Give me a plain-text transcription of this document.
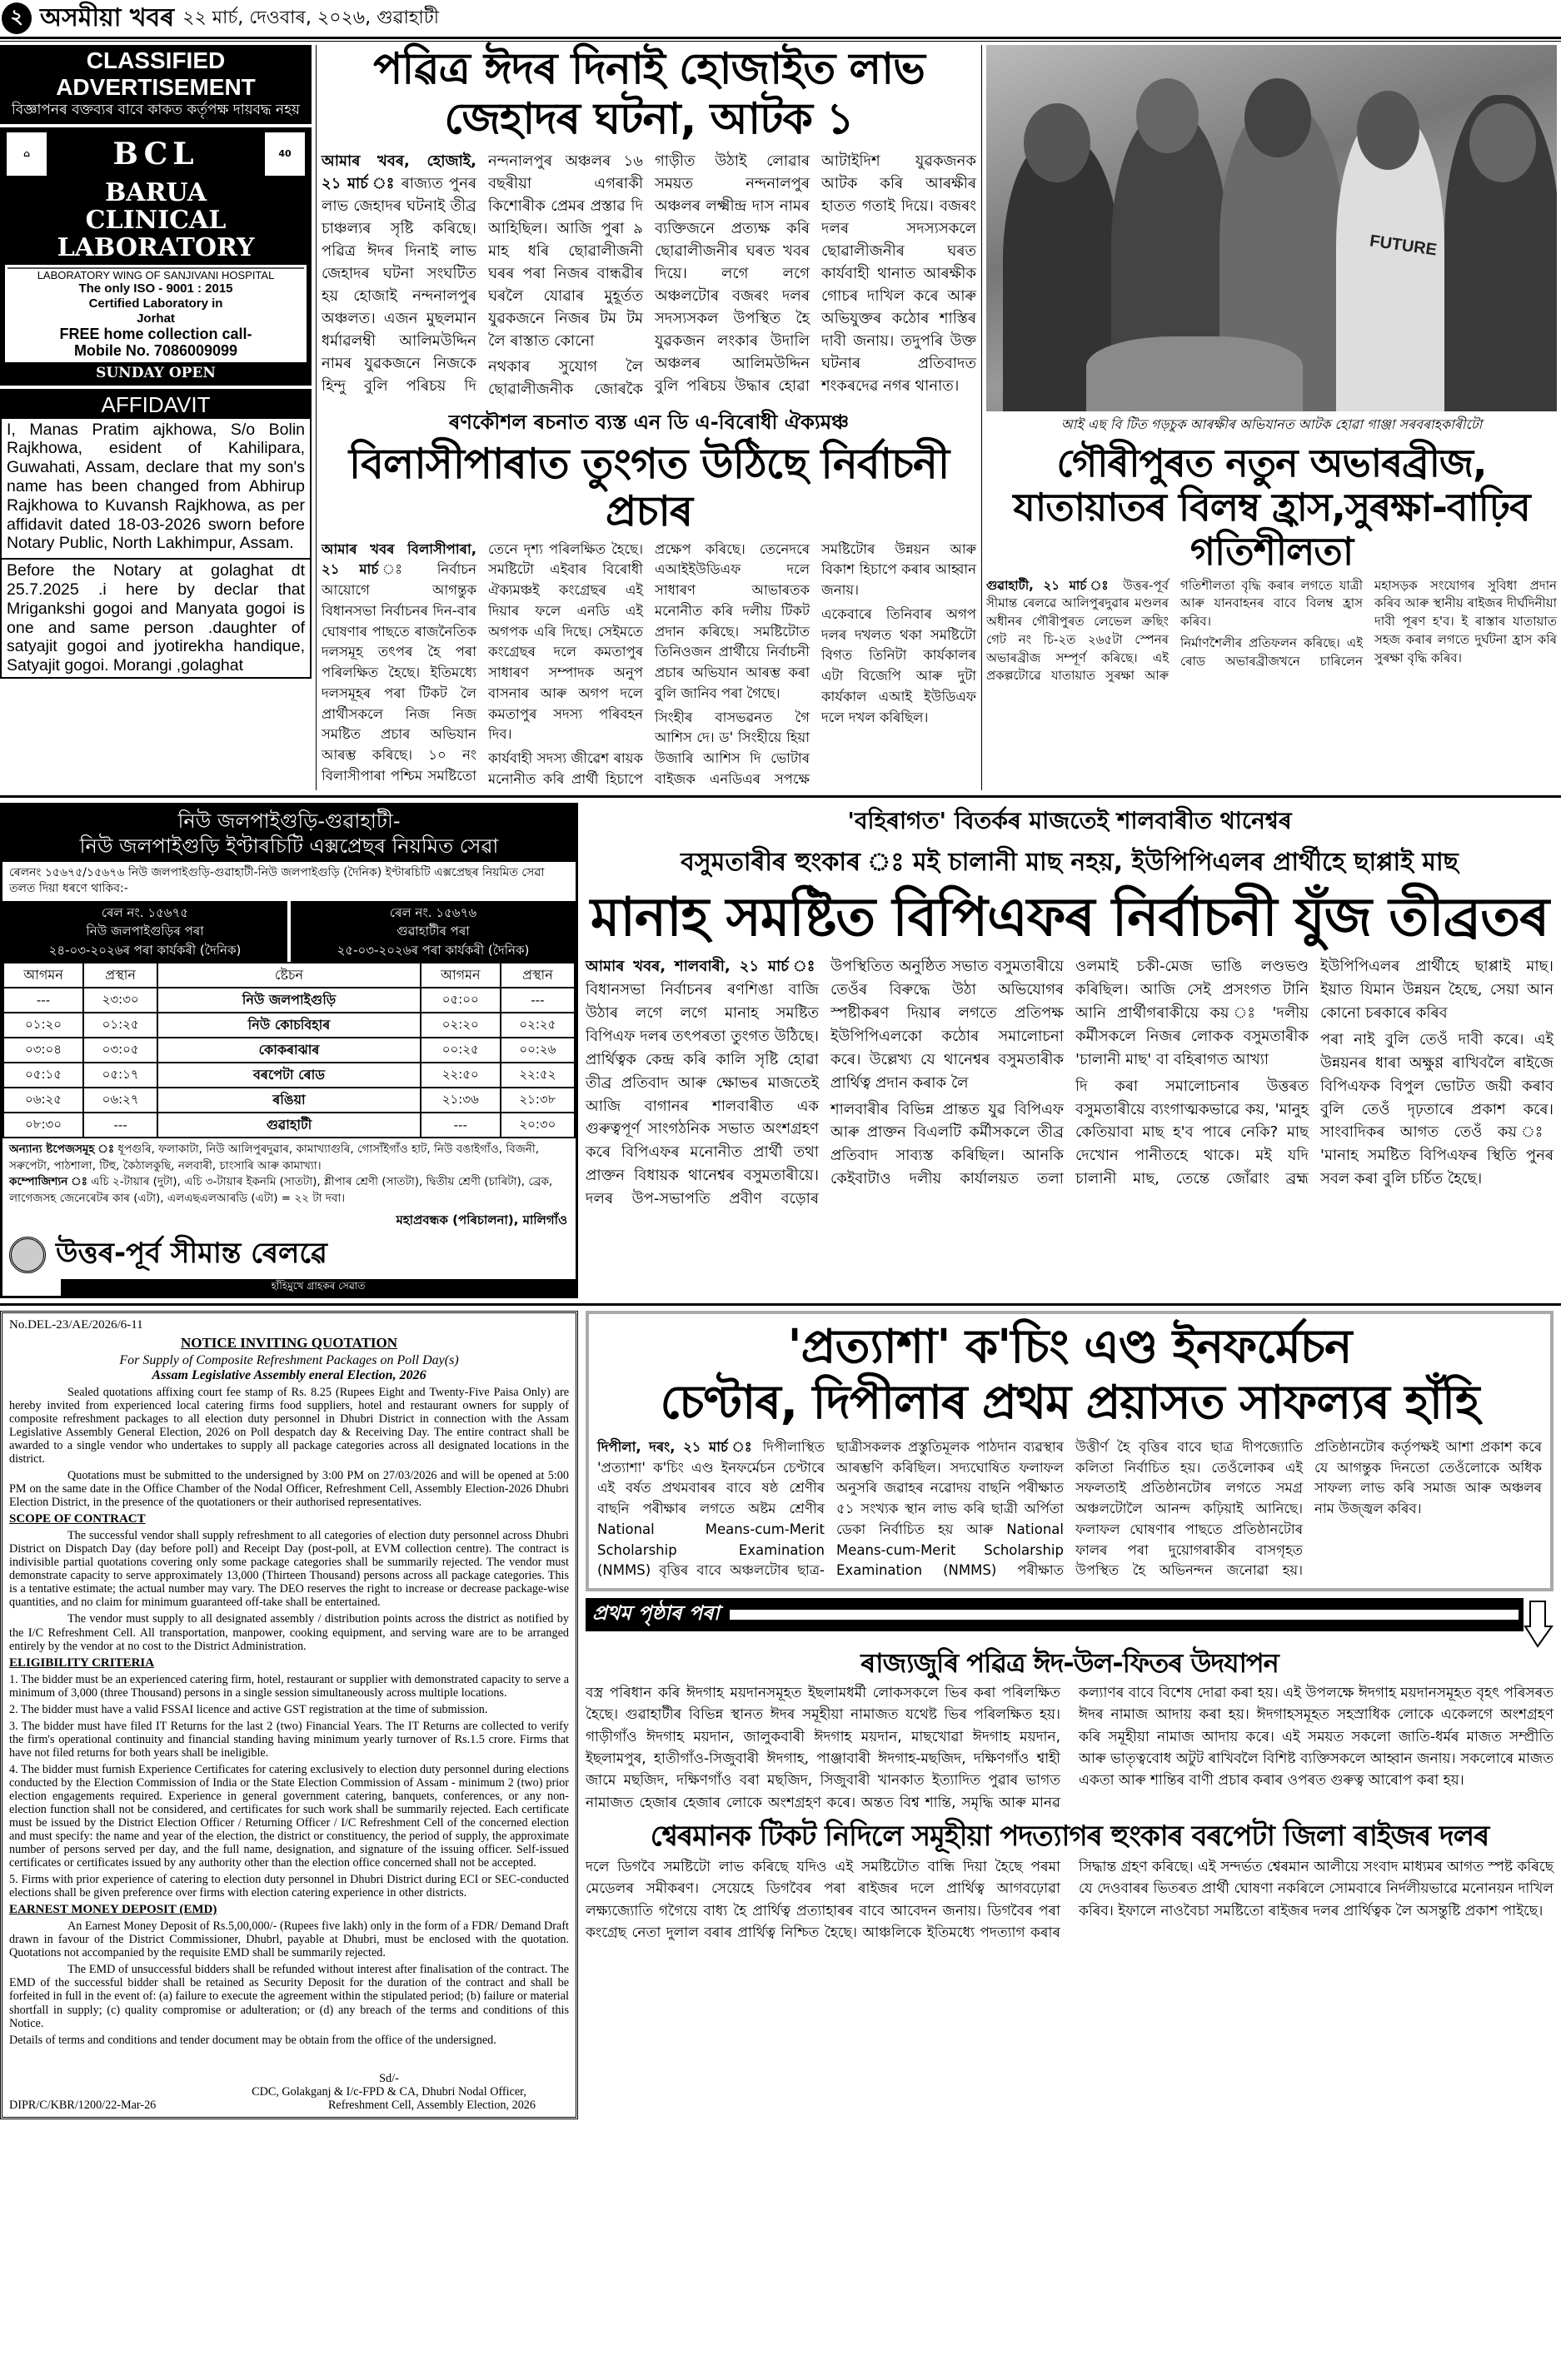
২ অসমীয়া খবৰ ২২ মাৰ্চ, দেওবাৰ, ২০২৬, গুৱাহাটী
CLASSIFIED ADVERTISEMENT
বিজ্ঞাপনৰ বক্তব্যৰ বাবে কাকত কৰ্তৃপক্ষ দায়বদ্ধ নহয়
⌂	BCL	40
BARUA
CLINICAL
LABORATORY
LABORATORY WING OF SANJIVANI HOSPITAL
The only ISO - 9001 : 2015
Certified Laboratory in
Jorhat
FREE home collection call-
Mobile No. 7086009099
SUNDAY OPEN
AFFIDAVIT
I, Manas Pratim ajkhowa, S/o Bolin Rajkhowa, esident of Kahilipara, Guwahati, Assam, declare that my son's name has been changed from Abhirup Rajkhowa to Kuvansh Rajkhowa, as per affidavit dated 18-03-2026 sworn before Notary Public, North Lakhimpur, Assam.
Before the Notary at golaghat dt 25.7.2025 .i here by declar that Mrigankshi gogoi and Manyata gogoi is one and same person .daughter of satyajit gogoi and jyotirekha handique, Satyajit gogoi. Morangi ,golaghat
পৱিত্ৰ ঈদৰ দিনাই হোজাইত লাভ জেহাদৰ ঘটনা, আটক ১

আমাৰ খবৰ, হোজাই, ২১ মাৰ্চ ঃ ৰাজ্যত পুনৰ লাভ জেহাদৰ ঘটনাই তীব্ৰ চাঞ্চল্যৰ সৃষ্টি কৰিছে। পৱিত্ৰ ঈদৰ দিনাই লাভ জেহাদৰ ঘটনা সংঘটিত হয় হোজাই নন্দনালপুৰ অঞ্চলত। এজন মুছলমান ধৰ্মাৱলম্বী আলিমউদ্দিন নামৰ যুৱকজনে নিজকে হিন্দু বুলি পৰিচয় দি নন্দনালপুৰ অঞ্চলৰ ১৬ বছৰীয়া এগৰাকী কিশোৰীক প্ৰেমৰ প্ৰস্তাৱ দি আহিছিল। আজি পুৰা ৯ মাহ ধৰি ছোৱালীজনী ঘৰৰ পৰা নিজৰ বান্ধৱীৰ ঘৰলৈ যোৱাৰ মুহূৰ্তত যুৱকজনে নিজৰ টম টম লৈ ৰাস্তাত কোনো

নথকাৰ সুযোগ লৈ ছোৱালীজনীক জোৰকৈ গাড়ীত উঠাই লোৱাৰ সময়ত নন্দনালপুৰ অঞ্চলৰ লক্ষ্মীন্দ্ৰ দাস নামৰ ব্যক্তিজনে প্ৰত্যক্ষ কৰি ছোৱালীজনীৰ ঘৰত খবৰ দিয়ে। লগে লগে অঞ্চলটোৰ বজৰং দলৰ সদস্যসকল উপস্থিত হৈ যুৱকজন লংকাৰ উদালি অঞ্চলৰ আলিমউদ্দিন বুলি পৰিচয় উদ্ধাৰ হোৱা আটাইদিশ যুৱকজনক আটক কৰি আৰক্ষীৰ হাতত গতাই দিয়ে। বজৰং দলৰ সদস্যসকলে ছোৱালীজনীৰ ঘৰত কাৰ্যবাহী থানাত আৰক্ষীক গোচৰ দাখিল কৰে আৰু অভিযুক্তৰ কঠোৰ শাস্তিৰ দাবী জনায়। তদুপৰি উক্ত ঘটনাৰ প্ৰতিবাদত শংকৰদেৱ নগৰ থানাত।

ৰণকৌশল ৰচনাত ব্যস্ত এন ডি এ-বিৰোধী ঐক্যমঞ্চ
বিলাসীপাৰাত তুংগত উঠিছে নিৰ্বাচনী প্ৰচাৰ

আমাৰ খবৰ বিলাসীপাৰা, ২১ মাৰ্চ	ঃ নিৰ্বাচন আয়োগে আগন্তুক বিধানসভা নিৰ্বাচনৰ দিন-বাৰ ঘোষণাৰ পাছতে ৰাজনৈতিক দলসমূহ তৎপৰ হৈ পৰা পৰিলক্ষিত হৈছে। ইতিমধ্যে দলসমূহৰ পৰা টিকট লৈ প্ৰাৰ্থীসকলে নিজ নিজ সমষ্টিত প্ৰচাৰ অভিযান আৰম্ভ কৰিছে। ১০ নং বিলাসীপাৰা পশ্চিম সমষ্টিতো তেনে দৃশ্য পৰিলক্ষিত হৈছে। সমষ্টিটো এইবাৰ বিৰোধী ঐক্যমঞ্চই কংগ্ৰেছৰ এই দিয়াৰ ফলে এনডি এই অগপক এৰি দিছে। সেইমতে কংগ্ৰেছৰ দলে কমতাপুৰ সাধাৰণ সম্পাদক অনুপ বাসনাৰ আৰু অগপ দলে কমতাপুৰ সদস্য পৰিবহন দিব।

কাৰ্যবাহী সদস্য জীৱেশ ৰায়ক মনোনীত কৰি প্ৰাৰ্থী হিচাপে প্ৰক্ষেপ কৰিছে। তেনেদৰে এআইইউডিএফ দলে সাধাৰণ আভাৰতক মনোনীত কৰি দলীয় টিকট প্ৰদান কৰিছে। সমষ্টিটোত তিনিওজন প্ৰাৰ্থীয়ে নিৰ্বাচনী প্ৰচাৰ অভিযান আৰম্ভ কৰা বুলি জানিব পৰা গৈছে।

সিংহীৰ বাসভৱনত গৈ আশিস দে। ড' সিংহীয়ে হিয়া উজাৰি আশিস দি ভোটাৰ বাইজক এনডিএৰ সপক্ষে সমষ্টিটোৰ উন্নয়ন আৰু বিকাশ হিচাপে কৰাৰ আহ্বান জনায়।

একেবাৰে তিনিবাৰ অগপ দলৰ দখলত থকা সমষ্টিটো বিগত তিনিটা কাৰ্যকালৰ এটা বিজেপি আৰু দুটা কাৰ্যকাল এআই ইউডিএফ দলে দখল কৰিছিল।

FUTURE
আই এছ বি টিত গড়চুক আৰক্ষীৰ অভিযানত আটক হোৱা গাঞ্জা সৰবৰাহকাৰীটো
গৌৰীপুৰত নতুন অভাৰব্ৰীজ, যাতায়াতৰ বিলম্ব হ্ৰাস,সুৰক্ষা-বাঢ়িব গতিশীলতা

গুৱাহাটী, ২১ মাৰ্চ ঃ উত্তৰ-পূৰ্ব সীমান্ত ৰেলৱে আলিপুৰদুৱাৰ মণ্ডলৰ অধীনৰ গৌৰীপুৰত লেভেল ক্ৰছিং গেট নং চি-২ত ২৬৫টা স্পেনৰ অভাৰব্ৰীজ সম্পূৰ্ণ কৰিছে। এই প্ৰকল্পটোৱে যাতায়াত সুৰক্ষা আৰু গতিশীলতা বৃদ্ধি কৰাৰ লগতে যাত্ৰী আৰু যানবাহনৰ বাবে বিলম্ব হ্ৰাস কৰিব।

নিৰ্মাণশৈলীৰ প্ৰতিফলন কৰিছে। এই ৰোড অভাৰব্ৰীজখনে চাৰিলেন মহাসড়ক সংযোগৰ সুবিধা প্ৰদান কৰিব আৰু স্থানীয় ৰাইজৰ দীৰ্ঘদিনীয়া দাবী পূৰণ হ'ব। ই ৰাস্তাৰ যাতায়াত সহজ কৰাৰ লগতে দুৰ্ঘটনা হ্ৰাস কৰি সুৰক্ষা বৃদ্ধি কৰিব।

নিউ জলপাইগুড়ি-গুৱাহাটী-
নিউ জলপাইগুড়ি ইণ্টাৰচিটি এক্সপ্ৰেছৰ নিয়মিত সেৱা
ৰেলনং ১৫৬৭৫/১৫৬৭৬ নিউ জলপাইগুড়ি-গুৱাহাটী-নিউ জলপাইগুড়ি (দৈনিক) ইণ্টাৰচিটি এক্সপ্ৰেছৰ নিয়মিত সেৱা তলত দিয়া ধৰণে থাকিব:-
ৰেল নং. ১৫৬৭৫
নিউ জলপাইগুড়িৰ পৰা
২৪-০৩-২০২৬ৰ পৰা কাৰ্যকৰী (দৈনিক)
ৰেল নং. ১৫৬৭৬
গুৱাহাটীৰ পৰা
২৫-০৩-২০২৬ৰ পৰা কাৰ্যকৰী (দৈনিক)
আগমন	প্ৰস্থান	ষ্টেচন	আগমন	প্ৰস্থান
---	২৩:৩০	নিউ জলপাইগুড়ি	০৫:০০	---
০১:২০	০১:২৫	নিউ কোচবিহাৰ	০২:২০	০২:২৫
০৩:০৪	০৩:০৫	কোকৰাঝাৰ	০০:২৫	০০:২৬
০৫:১৫	০৫:১৭	বৰপেটা ৰোড	২২:৫০	২২:৫২
০৬:২৫	০৬:২৭	ৰঙিয়া	২১:৩৬	২১:৩৮
০৮:৩০	---	গুৱাহাটী	---	২০:৩০
অন্যান্য ষ্টপেজসমূহ ঃ ধূপগুৰি, ফলাকাটা, নিউ আলিপুৰদুৱাৰ, কামাখ্যাগুৰি, গোসাঁইগাঁও হাট, নিউ বঙাইগাঁও, বিজনী, সৰুপেটা, পাঠশালা, টিহু, কৈঠালকুছি, নলবাৰী, চাংসাৰি আৰু কামাখ্যা।
কম্পোজিশ্যন ঃ এচি ২-টায়াৰ (দুটা), এচি ৩-টায়াৰ ইকনমি (সাতটা), শ্লীপাৰ শ্ৰেণী (সাতটা), দ্বিতীয় শ্ৰেণী (চাৰিটা), ব্ৰেক, লাগেজসহ জেনেৰেটৰ কাৰ (এটা), এলএছএলআৰডি (এটা) = ২২ টা দবা।
মহাপ্ৰবন্ধক (পৰিচালনা), মালিগাঁও
উত্তৰ-পূৰ্ব সীমান্ত ৰেলৱে
হাঁহিমুখে গ্ৰাহকৰ সেৱাত
'বহিৰাগত' বিতৰ্কৰ মাজতেই শালবাৰীত থানেশ্বৰ
বসুমতাৰীৰ হুংকাৰ ঃ মই চালানী মাছ নহয়, ইউপিপিএলৰ প্ৰাৰ্থীহে ছাপ্পাই মাছ
মানাহ সমষ্টিত বিপিএফৰ নিৰ্বাচনী যুঁজ তীব্ৰতৰ

আমাৰ খবৰ, শালবাৰী, ২১ মাৰ্চ ঃ বিধানসভা নিৰ্বাচনৰ ৰণশিঙা বাজি উঠাৰ লগে লগে মানাহ সমষ্টিত বিপিএফ দলৰ তৎপৰতা তুংগত উঠিছে। প্ৰাৰ্থিত্বক কেন্দ্ৰ কৰি কালি সৃষ্টি হোৱা তীব্ৰ প্ৰতিবাদ আৰু ক্ষোভৰ মাজতেই আজি বাগানৰ শালবাৰীত এক গুৰুত্বপূৰ্ণ সাংগঠনিক সভাত অংশগ্ৰহণ কৰে বিপিএফৰ মনোনীত প্ৰাৰ্থী তথা প্ৰাক্তন বিধায়ক থানেশ্বৰ বসুমতাৰীয়ে। দলৰ উপ-সভাপতি প্ৰবীণ বড়োৰ উপস্থিতিত অনুষ্ঠিত সভাত বসুমতাৰীয়ে তেওঁৰ বিৰুদ্ধে উঠা অভিযোগৰ স্পষ্টীকৰণ দিয়াৰ লগতে প্ৰতিপক্ষ ইউপিপিএলকো কঠোৰ সমালোচনা কৰে। উল্লেখ্য যে থানেশ্বৰ বসুমতাৰীক প্ৰাৰ্থিত্ব প্ৰদান কৰাক লৈ

শালবাৰীৰ বিভিন্ন প্ৰান্তত যুৱ বিপিএফ আৰু প্ৰাক্তন বিএলটি কৰ্মীসকলে তীব্ৰ প্ৰতিবাদ সাব্যস্ত কৰিছিল। আনকি কেইবাটাও দলীয় কাৰ্যালয়ত তলা ওলমাই চকী-মেজ ভাঙি লণ্ডভণ্ড কৰিছিল। আজি সেই প্ৰসংগত টানি আনি প্ৰাৰ্থীগৰাকীয়ে কয় ঃ 'দলীয় কৰ্মীসকলে নিজৰ লোকক বসুমতাৰীক 'চালানী মাছ' বা বহিৰাগত আখ্যা

দি কৰা সমালোচনাৰ উত্তৰত বসুমতাৰীয়ে ব্যংগাত্মকভাৱে কয়, 'মানুহ কেতিয়াবা মাছ হ'ব পাৰে নেকি? মাছ দেখোন পানীতহে থাকে। মই যদি চালানী মাছ, তেন্তে জোঁৱাং ব্ৰহ্ম ইউপিপিএলৰ প্ৰাৰ্থীহে ছাপ্পাই মাছ। ইয়াত যিমান উন্নয়ন হৈছে, সেয়া আন কোনো চৰকাৰে কৰিব

পৰা নাই বুলি তেওঁ দাবী কৰে। এই উন্নয়নৰ ধাৰা অক্ষুণ্ণ ৰাখিবলৈ ৰাইজে বিপিএফক বিপুল ভোটত জয়ী কৰাব বুলি তেওঁ দৃঢ়তাৰে প্ৰকাশ কৰে। সাংবাদিকৰ আগত তেওঁ কয় ঃ 'মানাহ সমষ্টিত বিপিএফৰ স্থিতি পুনৰ সবল কৰা বুলি চৰ্চিত হৈছে।

No.DEL-23/AE/2026/6-11
NOTICE INVITING QUOTATION
For Supply of Composite Refreshment Packages on Poll Day(s)
Assam Legislative Assembly eneral Election, 2026

Sealed quotations affixing court fee stamp of Rs. 8.25 (Rupees Eight and Twenty-Five Paisa Only) are hereby invited from experienced local catering firms food suppliers, hotel and restaurant owners for supply of composite refreshment packages to all election duty personnel in Dhubri District in connection with the Assam Legislative Assembly General Election, 2026 on Poll despatch day & Receiving Day. The entire contract shall be awarded to a single vendor who undertakes to supply all package categories across all designated locations in the district.

Quotations must be submitted to the undersigned by 3:00 PM on 27/03/2026 and will be opened at 5:00 PM on the same date in the Office Chamber of the Nodal Officer, Refreshment Cell, Assembly Election-2026 Dhubri Election District, in the presence of the quotationers or their authorised representatives.

SCOPE OF CONTRACT

The successful vendor shall supply refreshment to all categories of election duty personnel across Dhubri District on Dispatch Day (day before poll) and Receipt Day (post-poll, at EVM collection centre). The contract is indivisible partial quotations covering only some package categories shall be summarily rejected. The vendor must demonstrate capacity to serve approximately 13,000 (Thirteen Thousand) persons across all package categories. This is a tentative estimate; the actual number may vary. The DEO reserves the right to increase or decrease package-wise quantities, and no claim for minimum guaranteed off-take shall be entertained.

The vendor must supply to all designated assembly / distribution points across the district as notified by the I/C Refreshment Cell. All transportation, manpower, cooking equipment, and serving ware are to be arranged entirely by the vendor at no cost to the District Administration.

ELIGIBILITY CRITERIA

1. The bidder must be an experienced catering firm, hotel, restaurant or supplier with demonstrated capacity to serve a minimum of 3,000 (three Thousand) persons in a single session simultaneously across multiple locations.

2. The bidder must have a valid FSSAI licence and active GST registration at the time of submission.

3. The bidder must have filed IT Returns for the last 2 (two) Financial Years. The IT Returns are collected to verify the firm's operational continuity and financial standing having minimum yearly turnover of Rs.1.5 crore. Firms that have not filed returns for both years shall be ineligible.

4. The bidder must furnish Experience Certificates for catering exclusively to election duty personnel during elections conducted by the Election Commission of India or the State Election Commission of Assam - minimum 2 (two) prior election engagements required. Experience in general government catering, banquets, conferences, or any non-election function shall not be considered, and certificates for such work shall be summarily rejected. Each certificate must be issued by the District Election Officer / Returning Officer / I/C Refreshment Cell of the concerned election and must specify: the name and year of the election, the district or constituency, the period of supply, the approximate number of persons served per day, and the full name, designation, and signature of the issuing officer. Self-issued certificates or certificates issued by any authority other than the election office concerned shall not be accepted.

5. Firms with prior experience of catering to election duty personnel in Dhubri District during ECI or SEC-conducted elections shall be given preference over firms with election catering experience in other districts.

EARNEST MONEY DEPOSIT (EMD)

An Earnest Money Deposit of Rs.5,00,000/- (Rupees five lakh) only in the form of a FDR/ Demand Draft drawn in favour of the District Commissioner, Dhubrl, payable at Dhubri, must be enclosed with the quotation. Quotations not accompanied by the requisite EMD shall be summarily rejected.

The EMD of unsuccessful bidders shall be refunded without interest after finalisation of the contract. The EMD of the successful bidder shall be retained as Security Deposit for the duration of the contract and shall be forfeited in full in the event of: (a) failure to execute the agreement within the stipulated period; (b) failure or material shortfall in supply; (c) quality compromise or adulteration; or (d) any breach of the terms and conditions of this Notice.

Details of terms and conditions and tender document may be obtain from the office of the undersigned.

Sd/-
CDC, Golakganj & I/c-FPD & CA, Dhubri Nodal Officer,
DIPR/C/KBR/1200/22-Mar-26	Refreshment Cell, Assembly Election, 2026
'প্ৰত্যাশা' ক'চিং এণ্ড ইনফৰ্মেচন
চেণ্টাৰ, দিপীলাৰ প্ৰথম প্ৰয়াসত সাফল্যৰ হাঁহি
দিপীলা, দৰং, ২১ মাৰ্চ ঃ দিপীলাস্থিত 'প্ৰত্যাশা' ক'চিং এণ্ড ইনফৰ্মেচন চেণ্টাৰে এই বৰ্ষত প্ৰথমবাৰৰ বাবে ষষ্ঠ শ্ৰেণীৰ বাছনি পৰীক্ষাৰ লগতে অষ্টম শ্ৰেণীৰ National Means-cum-Merit Scholarship Examination (NMMS) বৃত্তিৰ বাবে অঞ্চলটোৰ ছাত্ৰ-ছাত্ৰীসকলক প্ৰস্তুতিমূলক পাঠদান ব্যৱস্থাৰ আৰম্ভণি কৰিছিল। সদ্যঘোষিত ফলাফল অনুসৰি জৱাহৰ নৱোদয় বাছনি পৰীক্ষাত ৫১ সংখ্যক স্থান লাভ কৰি ছাত্ৰী অৰ্পিতা ডেকা নিৰ্বাচিত হয় আৰু National Means-cum-Merit Scholarship Examination (NMMS) পৰীক্ষাত উত্তীৰ্ণ হৈ বৃত্তিৰ বাবে ছাত্ৰ দীপজ্যোতি কলিতা নিৰ্বাচিত হয়। তেওঁলোকৰ এই সফলতাই প্ৰতিষ্ঠানটোৰ লগতে সমগ্ৰ অঞ্চলটোলৈ আনন্দ কঢ়িয়াই আনিছে। ফলাফল ঘোষণাৰ পাছতে প্ৰতিষ্ঠানটোৰ ফালৰ পৰা দুয়োগৰাকীৰ বাসগৃহত উপস্থিত হৈ অভিনন্দন জনোৱা হয়। প্ৰতিষ্ঠানটোৰ কৰ্তৃপক্ষই আশা প্ৰকাশ কৰে যে আগন্তুক দিনতো তেওঁলোকে অধিক সাফল্য লাভ কৰি সমাজ আৰু অঞ্চলৰ নাম উজ্জ্বল কৰিব।
প্ৰথম পৃষ্ঠাৰ পৰা
ৰাজ্যজুৰি পৱিত্ৰ ঈদ-উল-ফিতৰ উদযাপন

বস্ত্ৰ পৰিধান কৰি ঈদগাহ ময়দানসমূহত ইছলামধৰ্মী লোকসকলে ভিৰ কৰা পৰিলক্ষিত হৈছে। গুৱাহাটীৰ বিভিন্ন স্থানত ঈদৰ সমূহীয়া নামাজত যথেষ্ট ভিৰ পৰিলক্ষিত হয়। গাড়ীগাঁও ঈদগাহ ময়দান, জালুকবাৰী ঈদগাহ ময়দান, মাছখোৱা ঈদগাহ ময়দান, ইছলামপুৰ, হাতীগাঁও-সিজুবাৰী ঈদগাহ, পাঞ্জাবাৰী ঈদগাহ-মছজিদ, দক্ষিণগাঁও শ্বাহী জামে মছজিদ, দক্ষিণগাঁও বৰা মছজিদ, সিজুবাৰী খানকাত ইত্যাদিত পুৱাৰ ভাগত নামাজত হেজাৰ হেজাৰ লোকে অংশগ্ৰহণ কৰে। অন্তত বিশ্ব শান্তি, সমৃদ্ধি আৰু মানৱ কল্যাণৰ বাবে বিশেষ দোৱা কৰা হয়। এই উপলক্ষে ঈদগাহ ময়দানসমূহত বৃহৎ পৰিসৰত ঈদৰ নামাজ আদায় কৰা হয়। ঈদগাহসমূহত সহস্ৰাধিক লোকে একেলগে অংশগ্ৰহণ কৰি সমূহীয়া নামাজ আদায় কৰে। এই সময়ত সকলো জাতি-ধৰ্মৰ মাজত সম্প্ৰীতি আৰু ভাতৃত্ববোধ অটুট ৰাখিবলৈ বিশিষ্ট ব্যক্তিসকলে আহ্বান জনায়। সকলোৰে মাজত একতা আৰু শান্তিৰ বাণী প্ৰচাৰ কৰাৰ ওপৰত গুৰুত্ব আৰোপ কৰা হয়।

শ্বেৰমানক টিকট নিদিলে সমূহীয়া পদত্যাগৰ হুংকাৰ বৰপেটা জিলা ৰাইজৰ দলৰ

দলে ডিগবৈ সমষ্টিটো লাভ কৰিছে যদিও এই সমষ্টিটোত বান্ধি দিয়া হৈছে পৰমা মেডেলৰ সমীকৰণ। সেয়েহে ডিগবৈৰ পৰা ৰাইজৰ দলে প্ৰাৰ্থিত্ব আগবঢ়োৱা লক্ষ্যজ্যোতি গগৈয়ে বাধ্য হৈ প্ৰাৰ্থিত্ব প্ৰত্যাহাৰৰ বাবে আবেদন জনায়। ডিগবৈৰ পৰা কংগ্ৰেছ নেতা দুলাল বৰাৰ প্ৰাৰ্থিত্ব নিশ্চিত হৈছে। আঞ্চলিকে ইতিমধ্যে পদত্যাগ কৰাৰ সিদ্ধান্ত গ্ৰহণ কৰিছে। এই সন্দৰ্ভত শ্বেৰমান আলীয়ে সংবাদ মাধ্যমৰ আগত স্পষ্ট কৰিছে যে দেওবাৰৰ ভিতৰত প্ৰাৰ্থী ঘোষণা নকৰিলে সোমবাৰে নিৰ্দলীয়ভাৱে মনোনয়ন দাখিল কৰিব। ইফালে নাওবৈচা সমষ্টিতো ৰাইজৰ দলৰ প্ৰাৰ্থিত্বক লৈ অসন্তুষ্টি প্ৰকাশ পাইছে।
